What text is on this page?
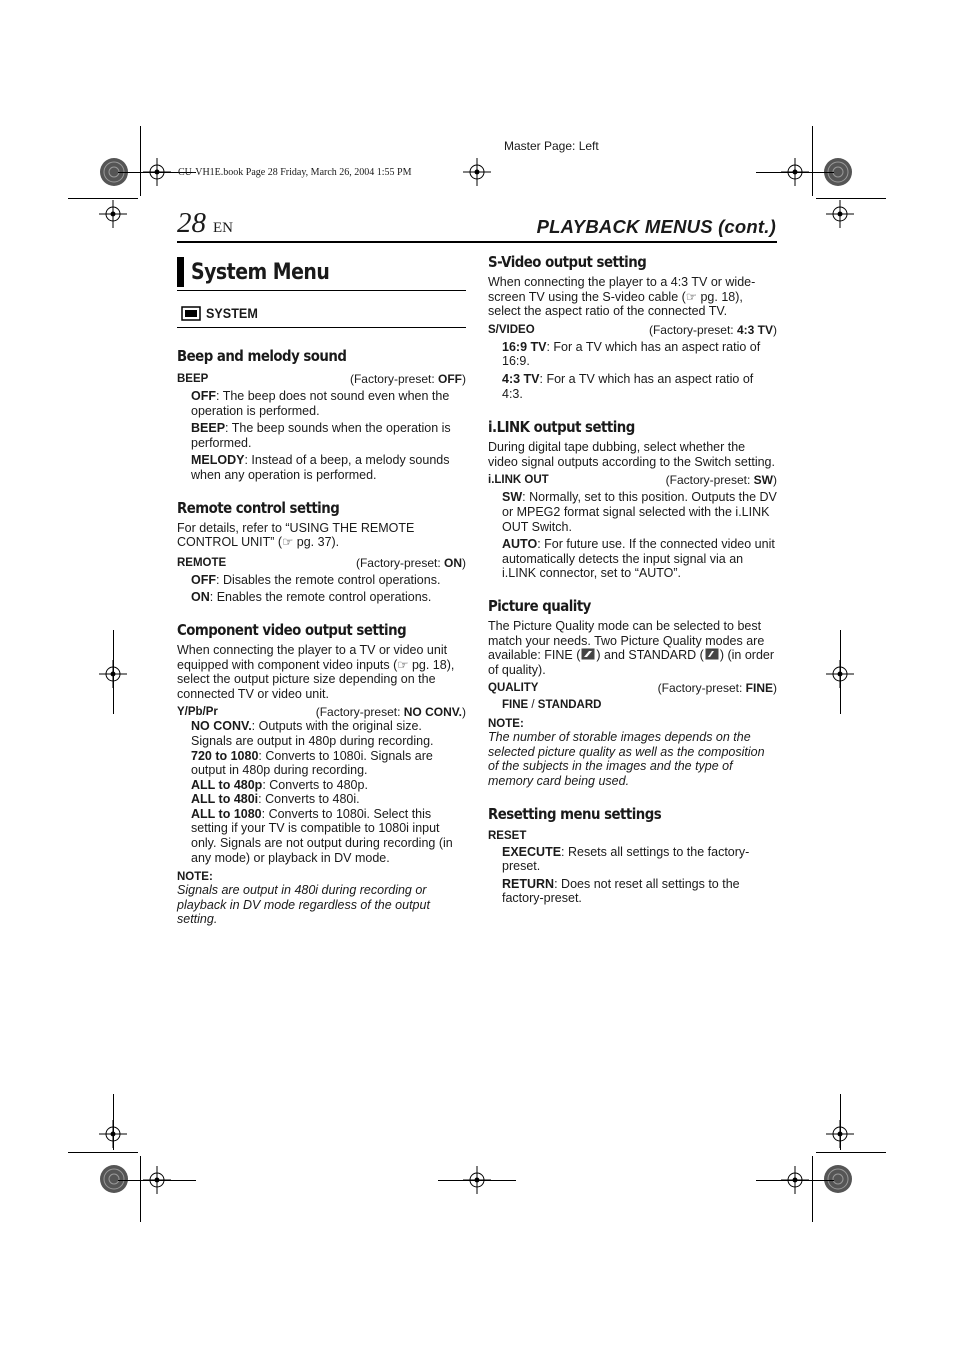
Master Page: Left
CU-VH1E.book Page 28 Friday, March 26, 2004 1:55 PM
28 EN	PLAYBACK MENUS (cont.)
System Menu
SYSTEM
Beep and melody sound
BEEP	(Factory-preset: OFF)
OFF: The beep does not sound even when the operation is performed.
BEEP: The beep sounds when the operation is performed.
MELODY: Instead of a beep, a melody sounds when any operation is performed.
Remote control setting
For details, refer to “USING THE REMOTE CONTROL UNIT” (☞ pg. 37).
REMOTE	(Factory-preset: ON)
OFF: Disables the remote control operations.
ON: Enables the remote control operations.
Component video output setting
When connecting the player to a TV or video unit equipped with component video inputs (☞ pg. 18), select the output picture size depending on the connected TV or video unit.
Y/Pb/Pr	(Factory-preset: NO CONV.)
NO CONV.: Outputs with the original size. Signals are output in 480p during recording.
720 to 1080: Converts to 1080i. Signals are output in 480p during recording.
ALL to 480p: Converts to 480p.
ALL to 480i: Converts to 480i.
ALL to 1080: Converts to 1080i. Select this setting if your TV is compatible to 1080i input only. Signals are not output during recording (in any mode) or playback in DV mode.
NOTE:
Signals are output in 480i during recording or playback in DV mode regardless of the output setting.
S-Video output setting
When connecting the player to a 4:3 TV or wide-screen TV using the S-video cable (☞ pg. 18), select the aspect ratio of the connected TV.
S/VIDEO	(Factory-preset: 4:3 TV)
16:9 TV: For a TV which has an aspect ratio of 16:9.
4:3 TV: For a TV which has an aspect ratio of 4:3.
i.LINK output setting
During digital tape dubbing, select whether the video signal outputs according to the Switch setting.
i.LINK OUT	(Factory-preset: SW)
SW: Normally, set to this position. Outputs the DV or MPEG2 format signal selected with the i.LINK OUT Switch.
AUTO: For future use. If the connected video unit automatically detects the input signal via an i.LINK connector, set to “AUTO”.
Picture quality
The Picture Quality mode can be selected to best match your needs. Two Picture Quality modes are available: FINE ( ) and STANDARD ( ) (in order of quality).
QUALITY	(Factory-preset: FINE)
FINE / STANDARD
NOTE:
The number of storable images depends on the selected picture quality as well as the composition of the subjects in the images and the type of memory card being used.
Resetting menu settings
RESET
EXECUTE: Resets all settings to the factory-preset.
RETURN: Does not reset all settings to the factory-preset.
